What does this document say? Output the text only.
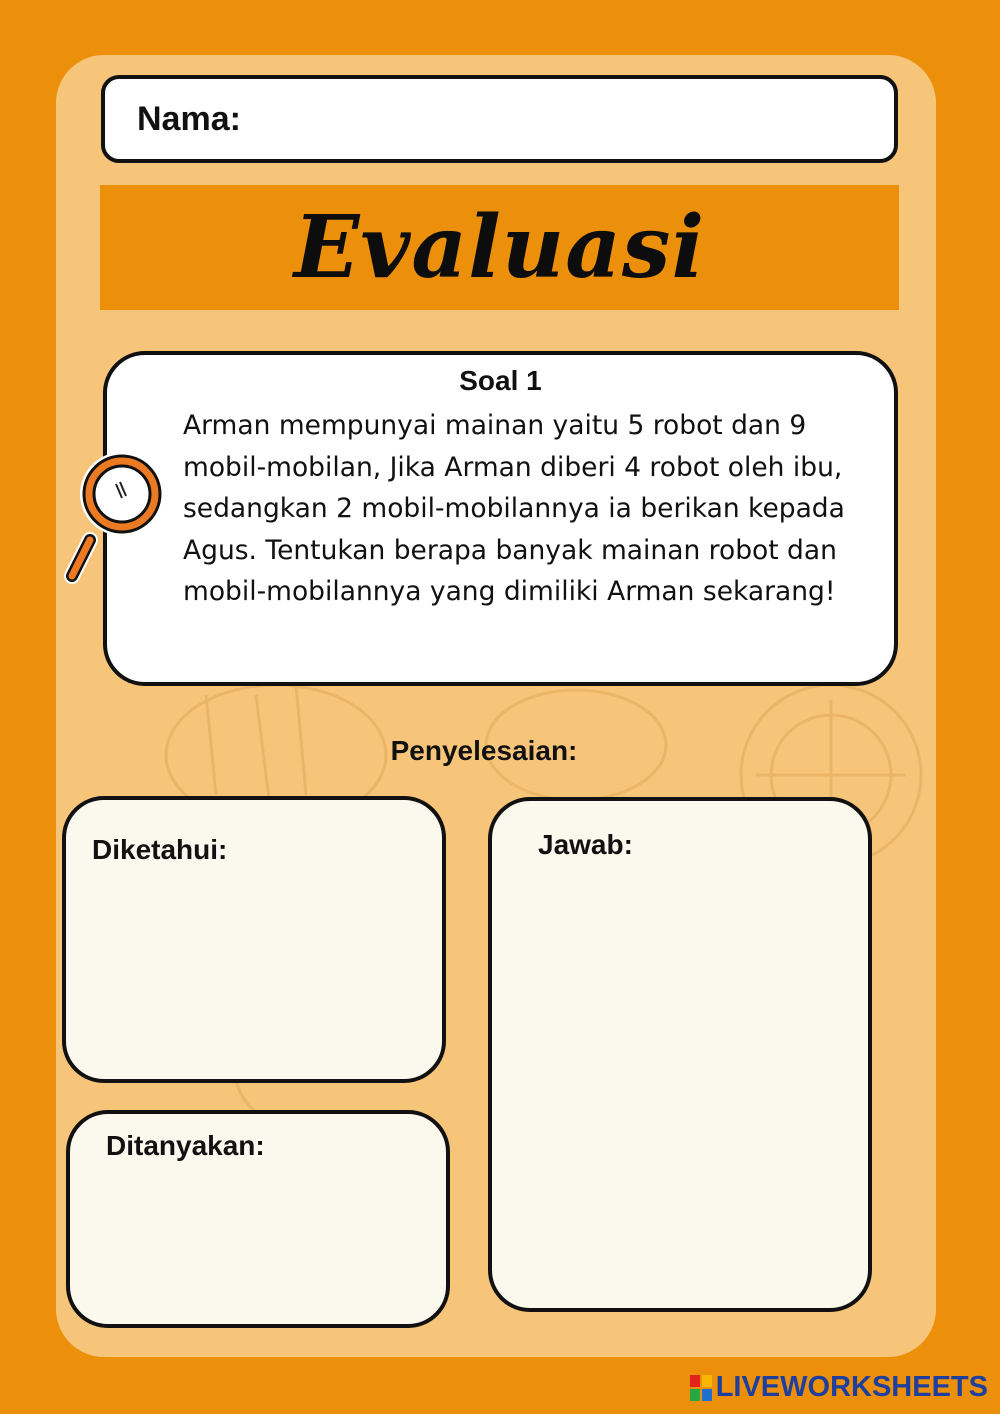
Nama:
Evaluasi
Soal 1
Arman mempunyai mainan yaitu 5 robot dan 9 mobil-mobilan, Jika Arman diberi 4 robot oleh ibu, sedangkan 2 mobil-mobilannya ia berikan kepada Agus. Tentukan berapa banyak mainan robot dan mobil-mobilannya yang dimiliki Arman sekarang!
Penyelesaian:
Diketahui:
Ditanyakan:
Jawab:
LIVEWORKSHEETS
